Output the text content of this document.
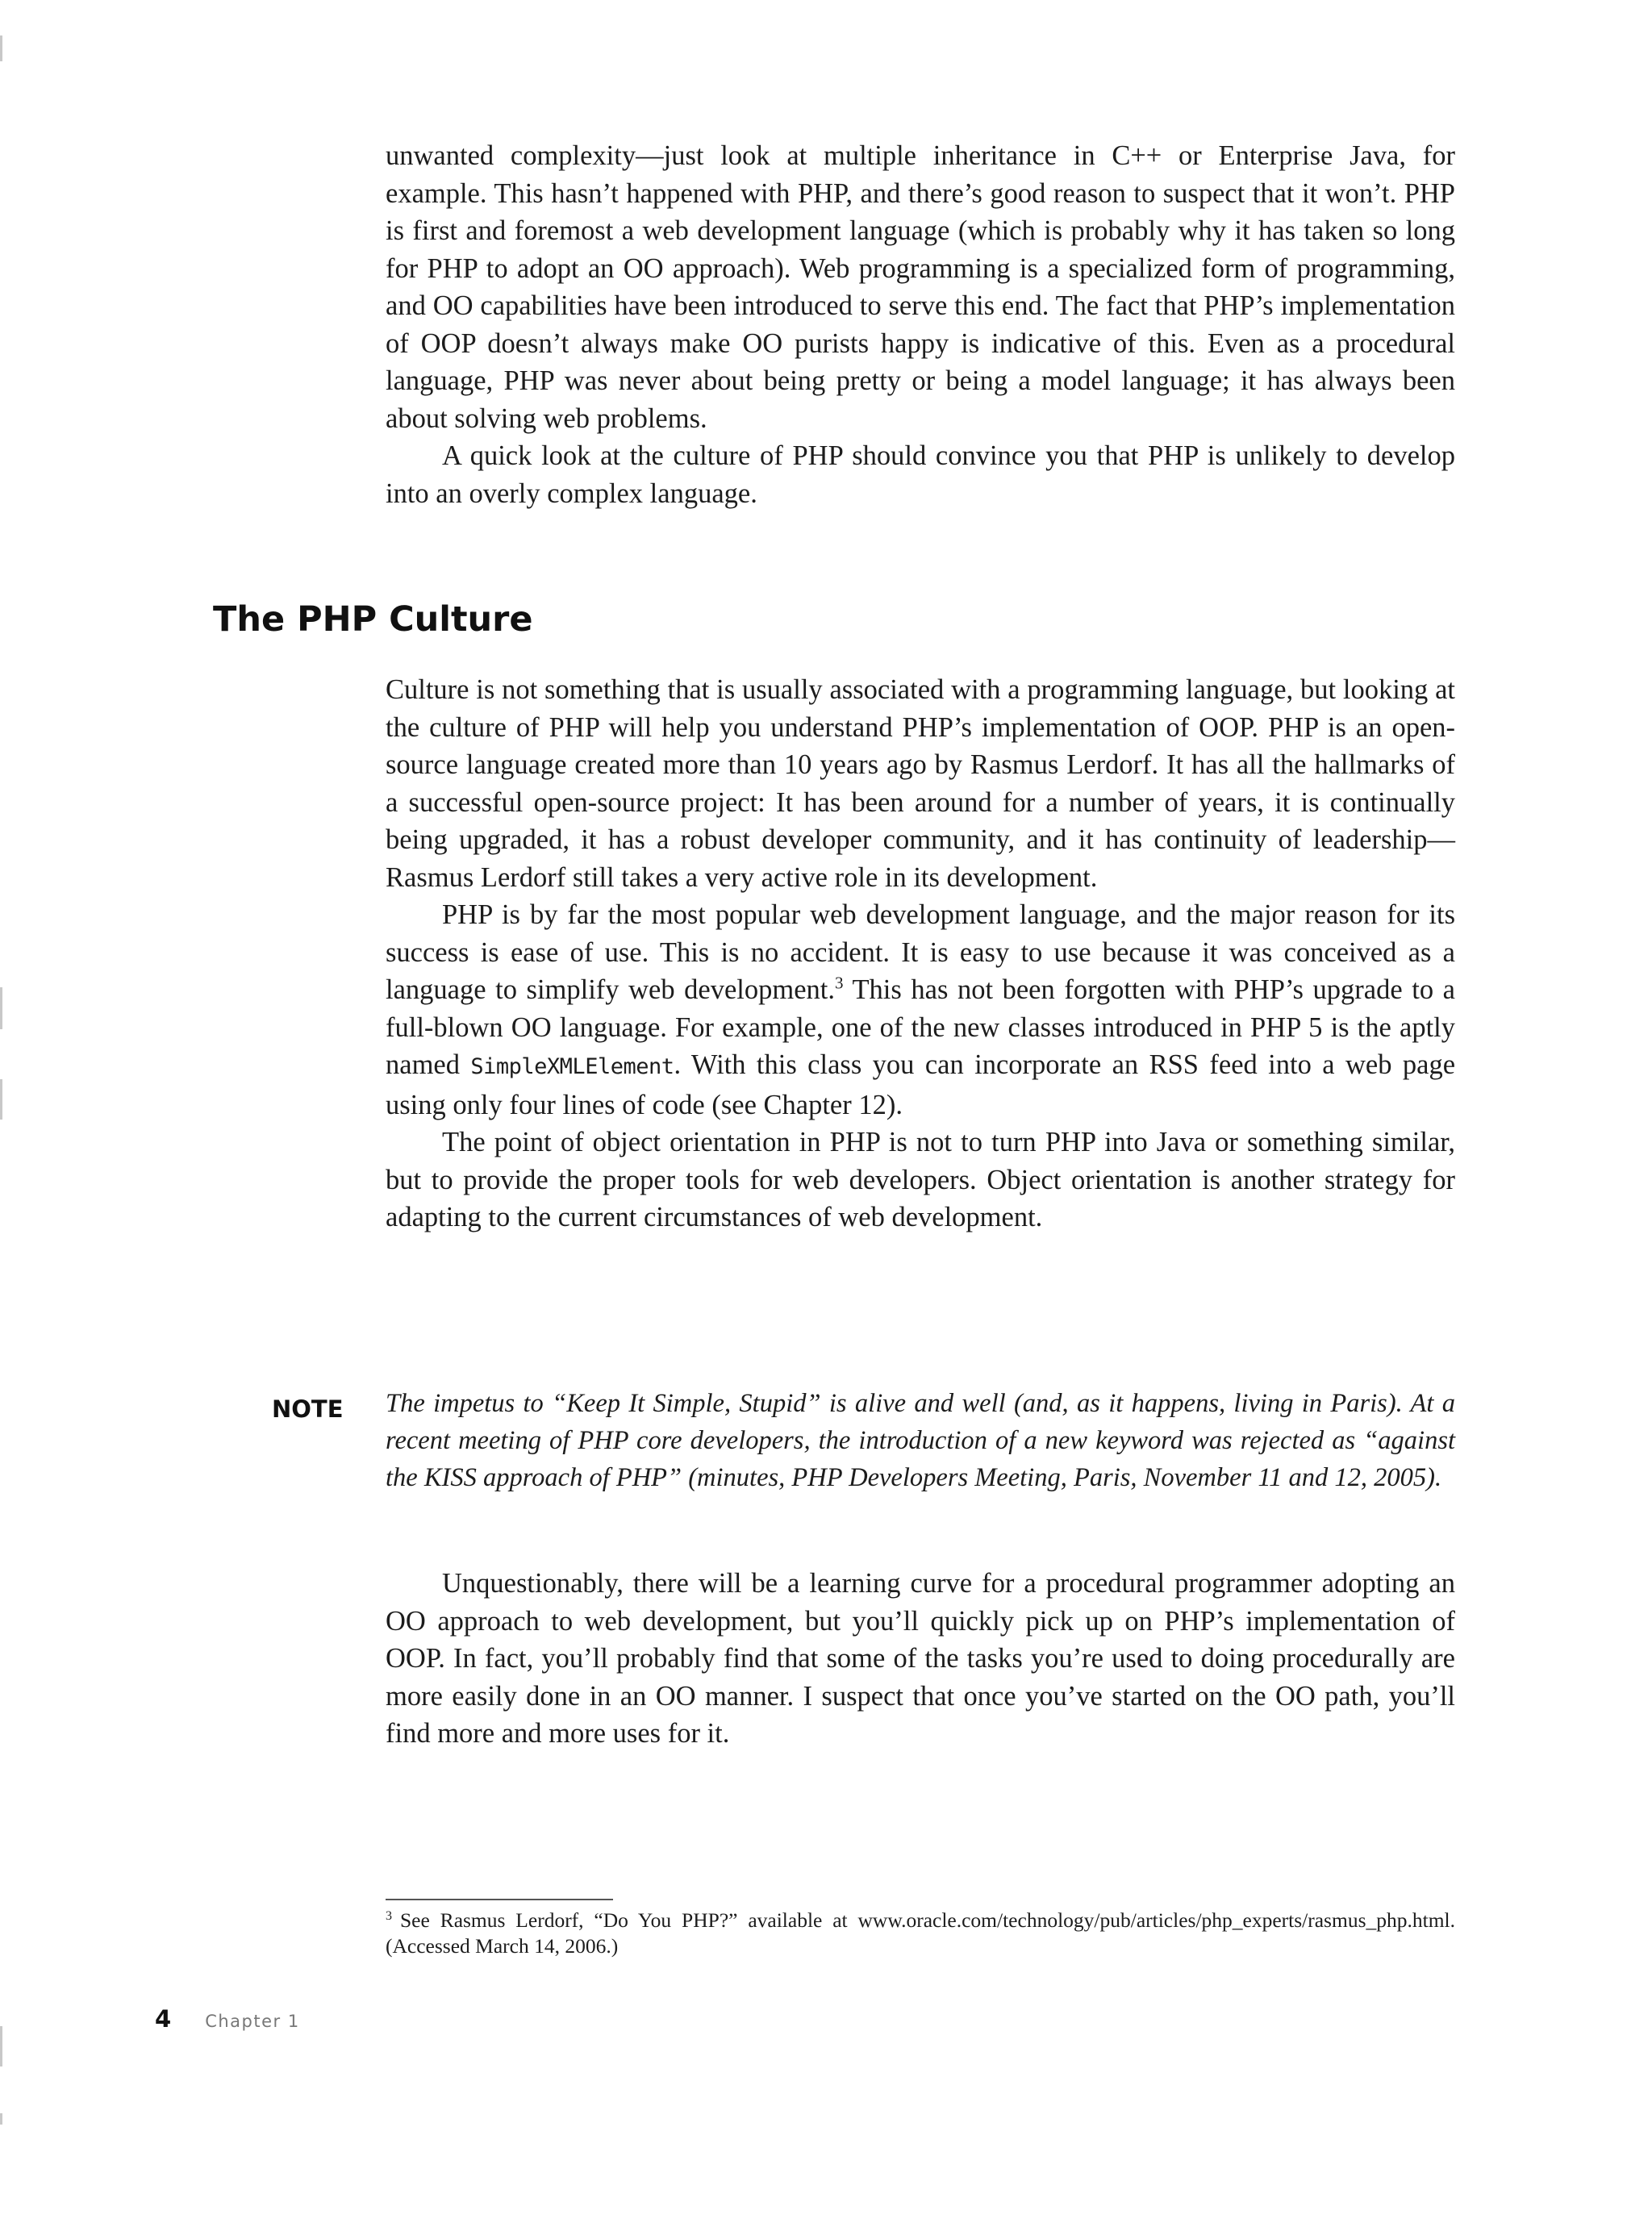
unwanted complexity—just look at multiple inheritance in C++ or Enterprise Java, for example. This hasn’t happened with PHP, and there’s good reason to suspect that it won’t. PHP is first and foremost a web development language (which is probably why it has taken so long for PHP to adopt an OO approach). Web programming is a specialized form of programming, and OO capabilities have been introduced to serve this end. The fact that PHP’s implementation of OOP doesn’t always make OO purists happy is indicative of this. Even as a procedural language, PHP was never about being pretty or being a model language; it has always been about solving web problems.

A quick look at the culture of PHP should convince you that PHP is unlikely to develop into an overly complex language.

The PHP Culture

Culture is not something that is usually associated with a programming language, but looking at the culture of PHP will help you understand PHP’s implementation of OOP. PHP is an open-source language created more than 10 years ago by Rasmus Lerdorf. It has all the hallmarks of a successful open-source project: It has been around for a number of years, it is continually being upgraded, it has a robust developer community, and it has continuity of leadership—Rasmus Lerdorf still takes a very active role in its development.

PHP is by far the most popular web development language, and the major reason for its success is ease of use. This is no accident. It is easy to use because it was conceived as a language to simplify web development.$^3$ This has not been forgotten with PHP’s upgrade to a full-blown OO language. For example, one of the new classes introduced in PHP 5 is the aptly named SimpleXMLElement. With this class you can incorporate an RSS feed into a web page using only four lines of code (see Chapter 12).

The point of object orientation in PHP is not to turn PHP into Java or something similar, but to provide the proper tools for web developers. Object orientation is another strategy for adapting to the current circumstances of web development.

NOTE The impetus to “Keep It Simple, Stupid” is alive and well (and, as it happens, living in Paris). At a recent meeting of PHP core developers, the introduction of a new keyword was rejected as “against the KISS approach of PHP” (minutes, PHP Developers Meeting, Paris, November 11 and 12, 2005).

Unquestionably, there will be a learning curve for a procedural programmer adopting an OO approach to web development, but you’ll quickly pick up on PHP’s implementation of OOP. In fact, you’ll probably find that some of the tasks you’re used to doing procedurally are more easily done in an OO manner. I suspect that once you’ve started on the OO path, you’ll find more and more uses for it.

$^3$ See Rasmus Lerdorf, “Do You PHP?” available at www.oracle.com/technology/pub/articles/php_experts/rasmus_php.html. (Accessed March 14, 2006.)
4 Chapter 1
